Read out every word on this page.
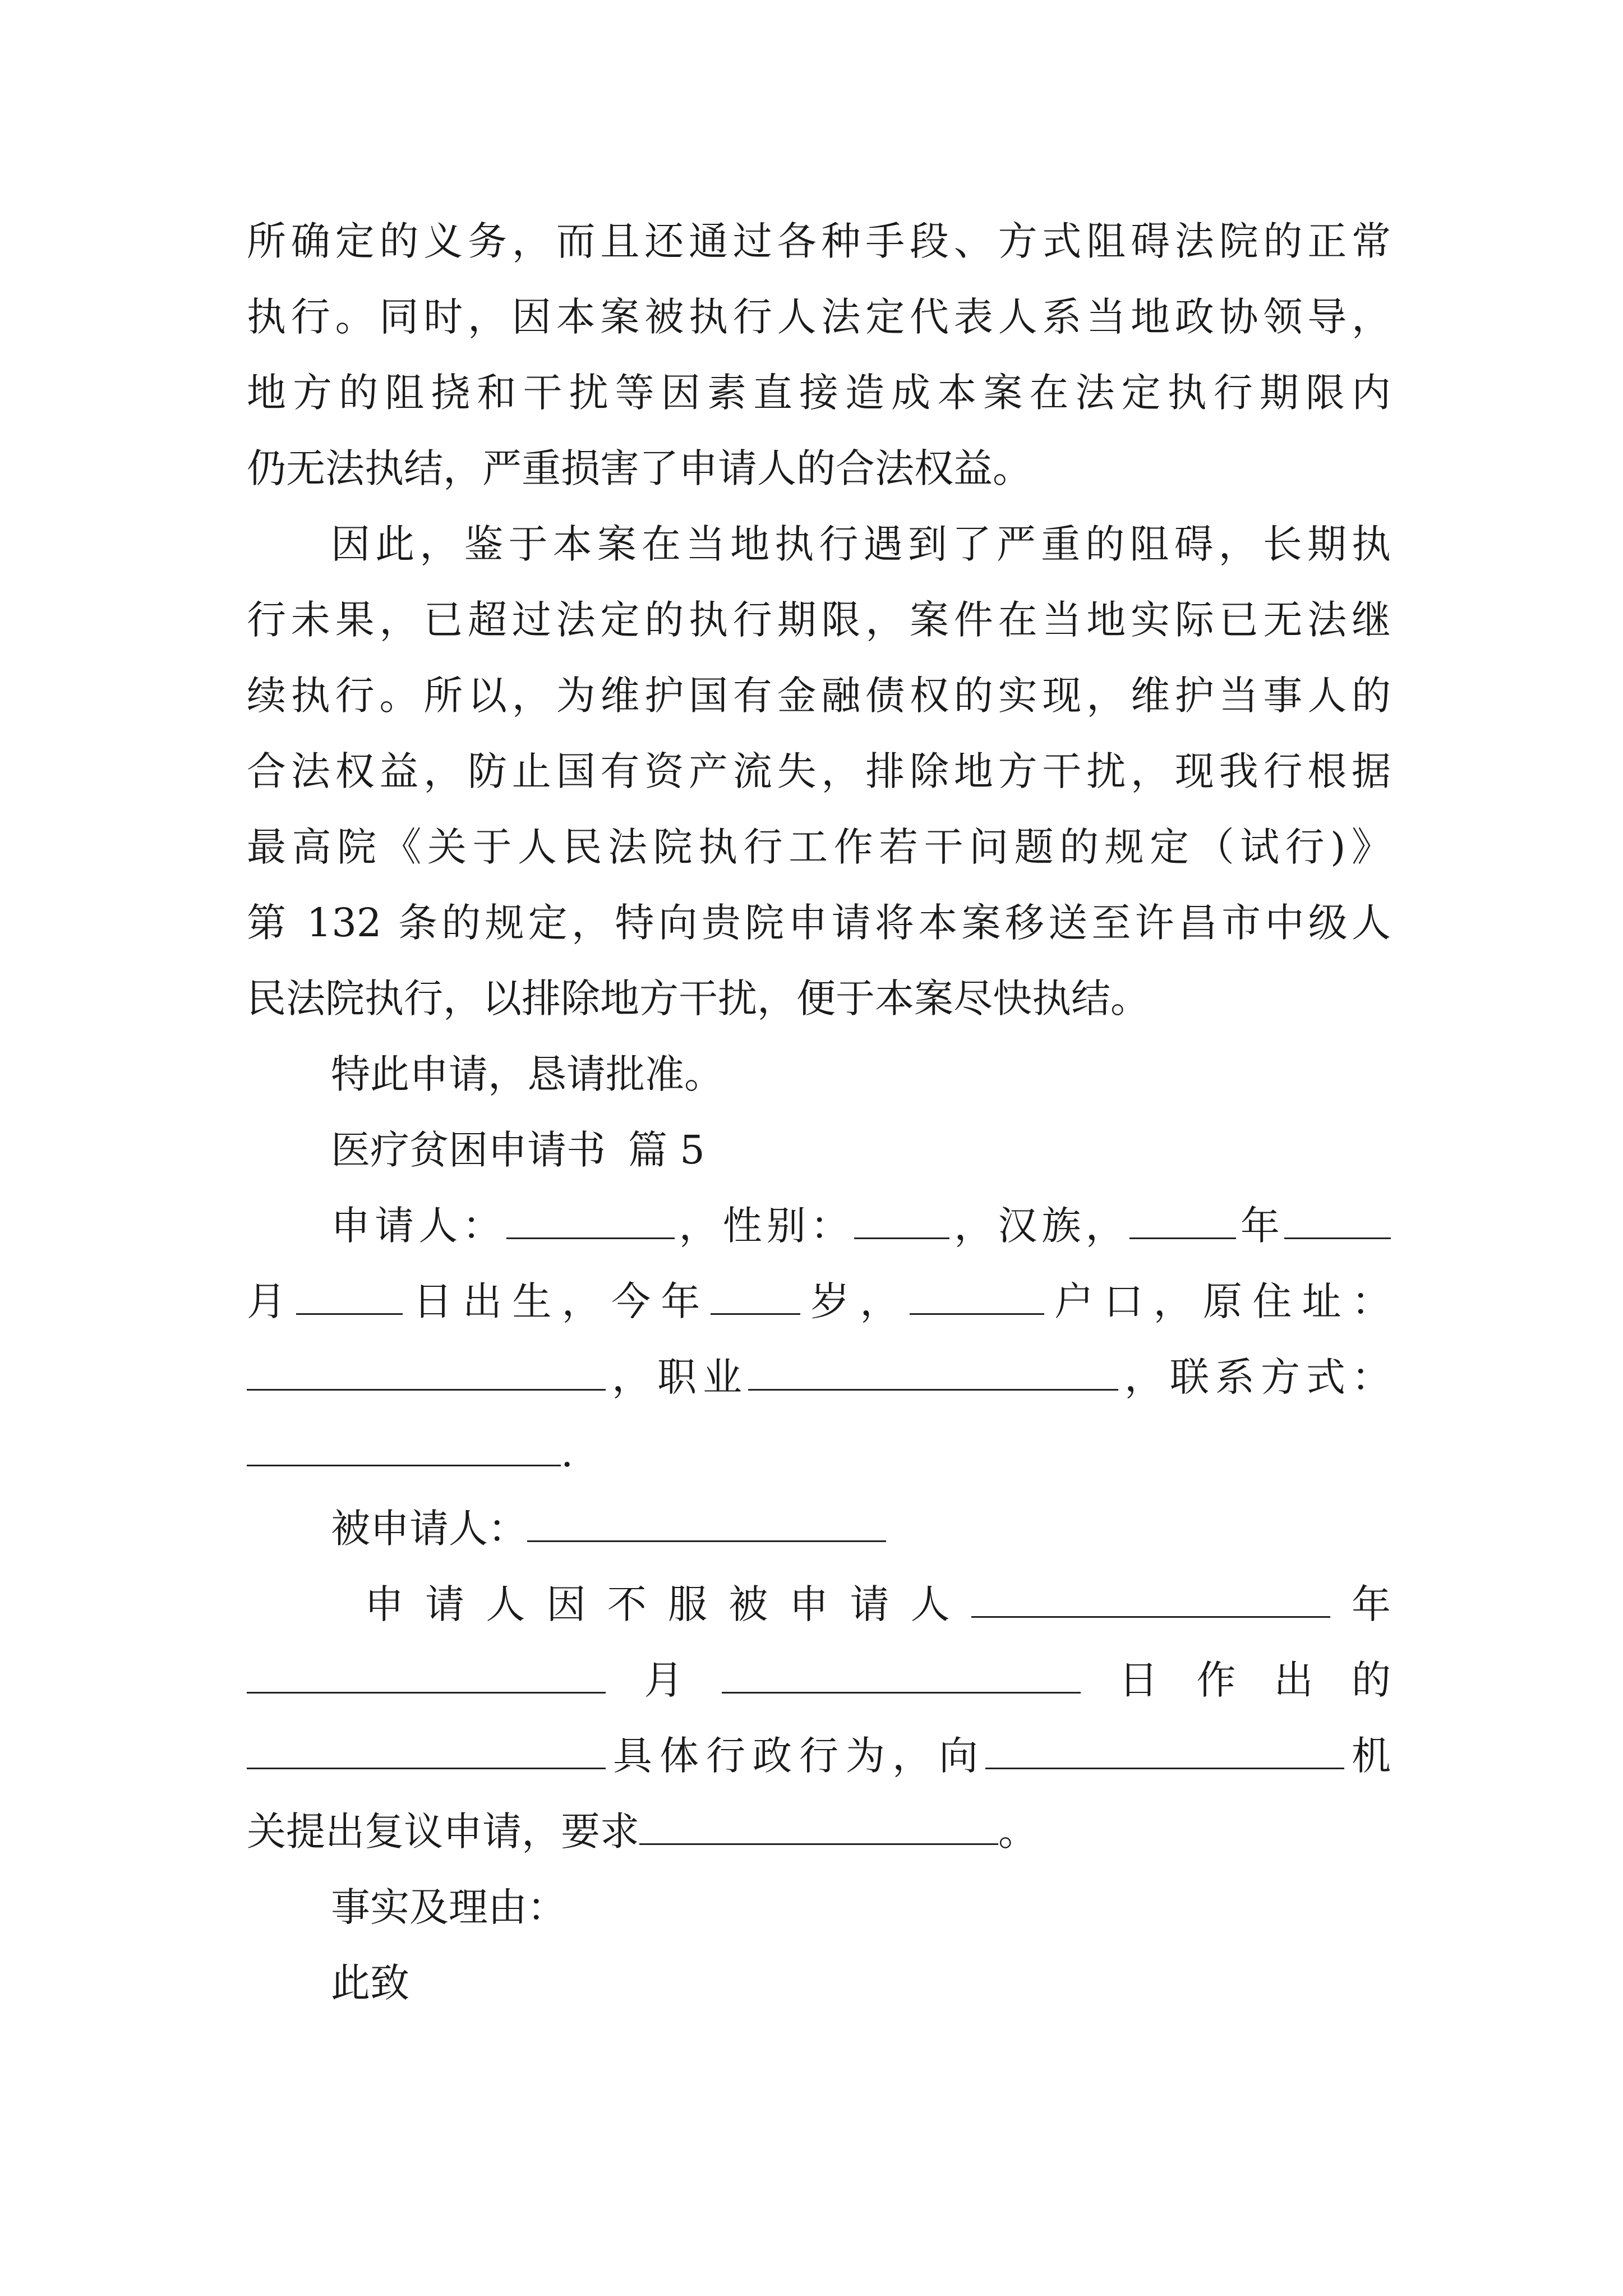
所确定的义务，而且还通过各种手段、方式阻碍法院的正常
执行。同时，因本案被执行人法定代表人系当地政协领导，
地方的阻挠和干扰等因素直接造成本案在法定执行期限内
仍无法执结，严重损害了申请人的合法权益。
因此，鉴于本案在当地执行遇到了严重的阻碍，长期执
行未果，已超过法定的执行期限，案件在当地实际已无法继
续执行。所以，为维护国有金融债权的实现，维护当事人的
合法权益，防止国有资产流失，排除地方干扰，现我行根据
最高院《关于人民法院执行工作若干问题的规定（试行)》
第 132 条的规定，特向贵院申请将本案移送至许昌市中级人
民法院执行，以排除地方干扰，便于本案尽快执结。
特此申请，恳请批准。
医疗贫困申请书 篇 5
申请人：	，性别： ，汉族，	年
月	日出生，今年 岁，	户口，原住址：
，职业	，联系方式：
.
被申请人：
申请人因不服被申请人	年
月	日作出的
具体行政行为，向	机
关提出复议申请，要求	。
事实及理由：
此致
